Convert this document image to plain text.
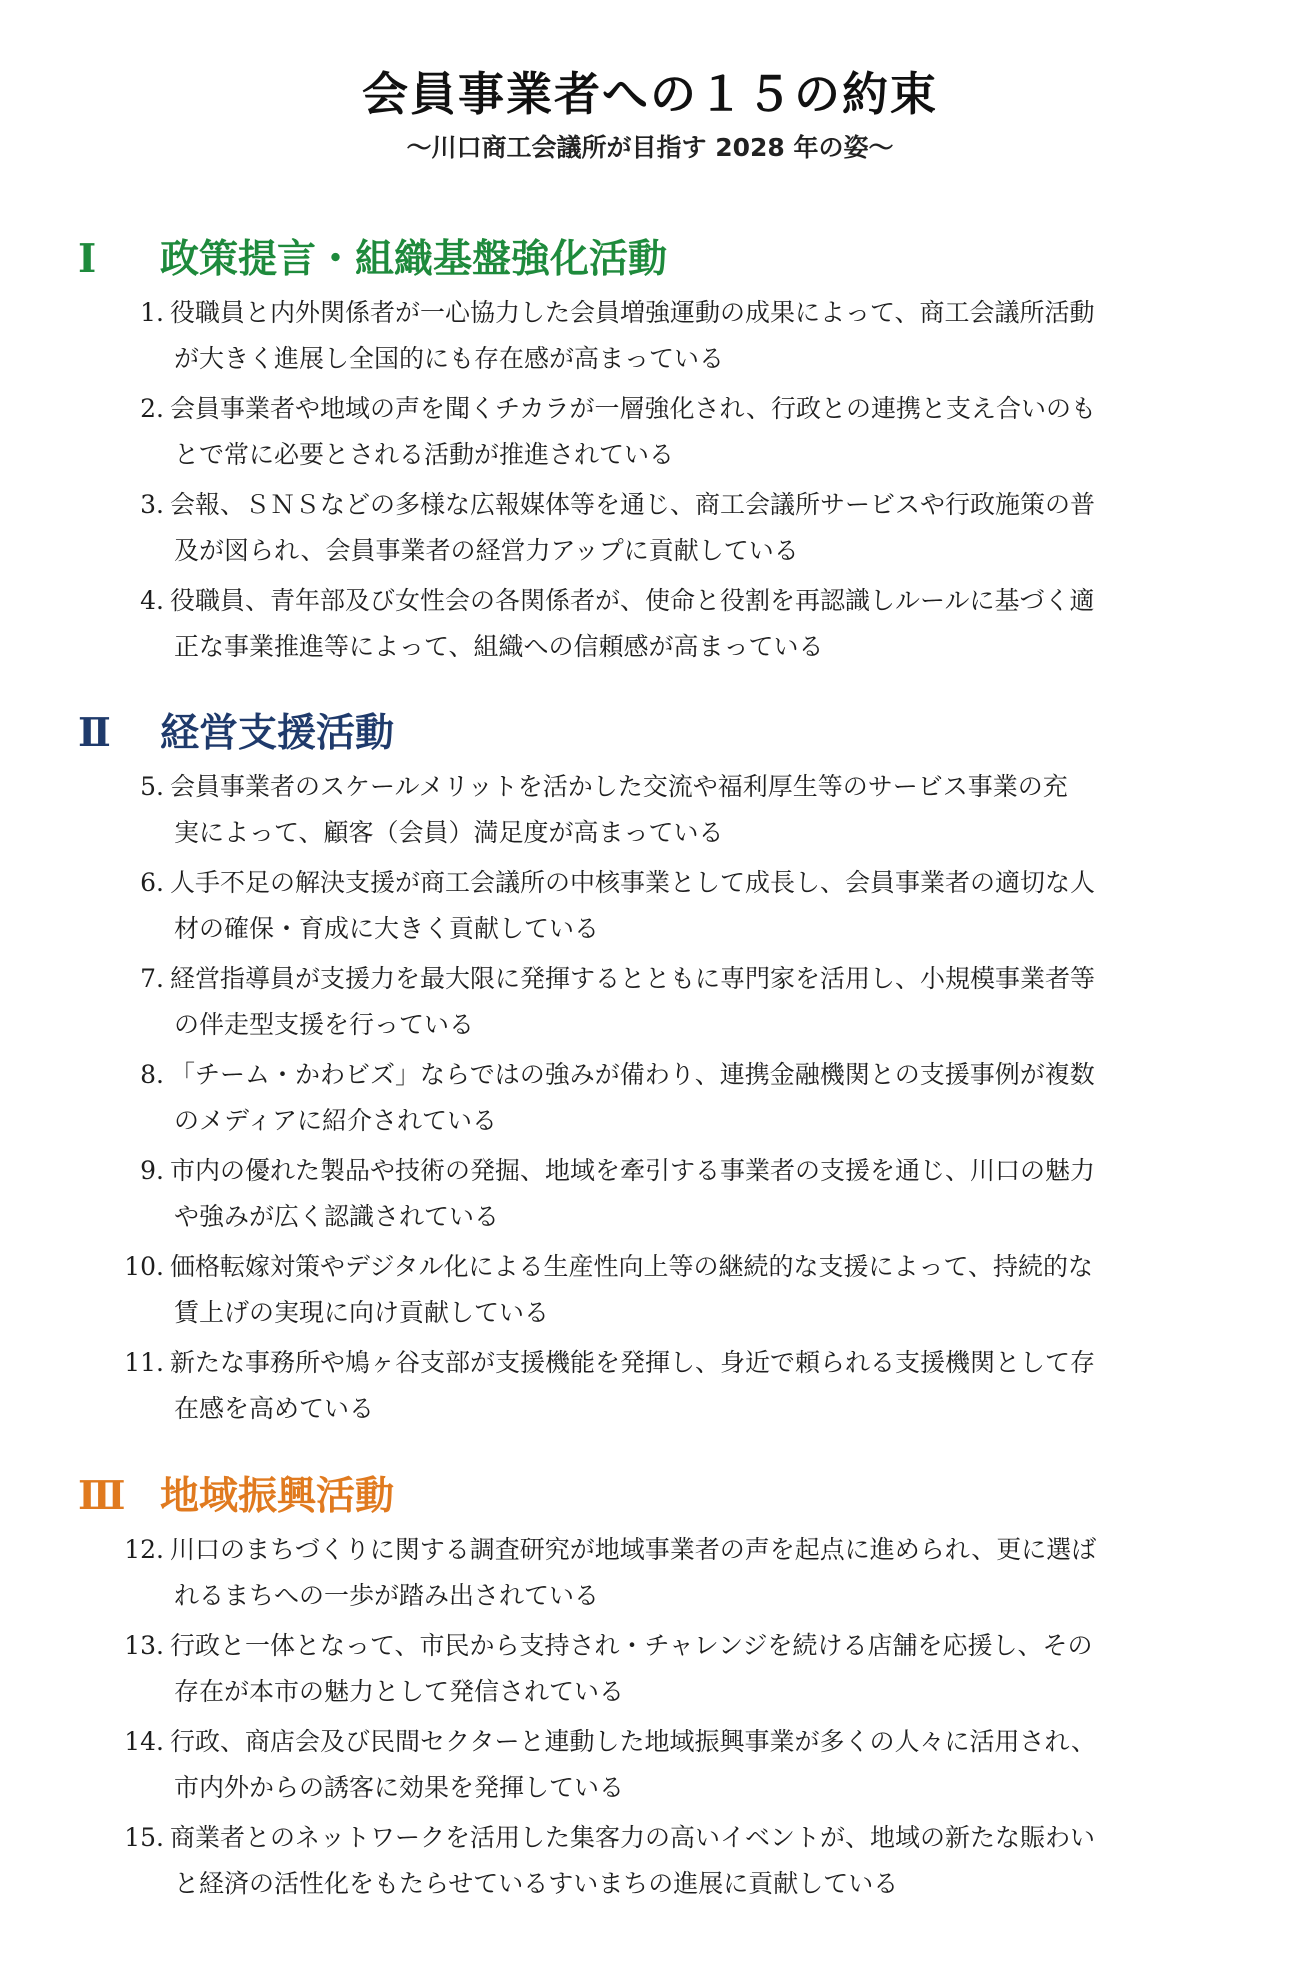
会員事業者への１５の約束
～川口商工会議所が目指す 2028 年の姿～
Ⅰ 政策提言・組織基盤強化活動
1. 役職員と内外関係者が一心協力した会員増強運動の成果によって、商工会議所活動
が大きく進展し全国的にも存在感が高まっている
2. 会員事業者や地域の声を聞くチカラが一層強化され、行政との連携と支え合いのも
とで常に必要とされる活動が推進されている
3. 会報、ＳＮＳなどの多様な広報媒体等を通じ、商工会議所サービスや行政施策の普
及が図られ、会員事業者の経営力アップに貢献している
4. 役職員、青年部及び女性会の各関係者が、使命と役割を再認識しルールに基づく適
正な事業推進等によって、組織への信頼感が高まっている
Ⅱ 経営支援活動
5. 会員事業者のスケールメリットを活かした交流や福利厚生等のサービス事業の充
実によって、顧客（会員）満足度が高まっている
6. 人手不足の解決支援が商工会議所の中核事業として成長し、会員事業者の適切な人
材の確保・育成に大きく貢献している
7. 経営指導員が支援力を最大限に発揮するとともに専門家を活用し、小規模事業者等
の伴走型支援を行っている
8. 「チーム・かわビズ」ならではの強みが備わり、連携金融機関との支援事例が複数
のメディアに紹介されている
9. 市内の優れた製品や技術の発掘、地域を牽引する事業者の支援を通じ、川口の魅力
や強みが広く認識されている
10. 価格転嫁対策やデジタル化による生産性向上等の継続的な支援によって、持続的な
賃上げの実現に向け貢献している
11. 新たな事務所や鳩ヶ谷支部が支援機能を発揮し、身近で頼られる支援機関として存
在感を高めている
Ⅲ 地域振興活動
12. 川口のまちづくりに関する調査研究が地域事業者の声を起点に進められ、更に選ば
れるまちへの一歩が踏み出されている
13. 行政と一体となって、市民から支持され・チャレンジを続ける店舗を応援し、その
存在が本市の魅力として発信されている
14. 行政、商店会及び民間セクターと連動した地域振興事業が多くの人々に活用され、
市内外からの誘客に効果を発揮している
15. 商業者とのネットワークを活用した集客力の高いイベントが、地域の新たな賑わい
と経済の活性化をもたらせているすいまちの進展に貢献している
